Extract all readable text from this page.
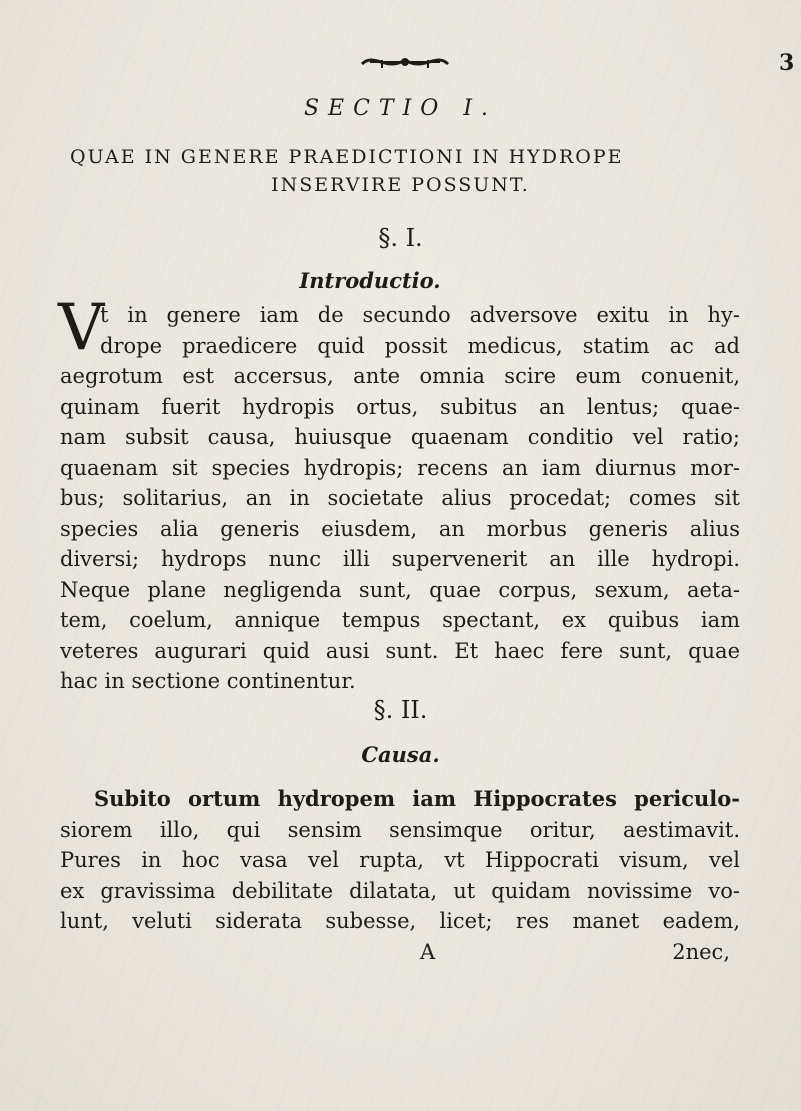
3

SECTIO I.

QUAE IN GENERE PRAEDICTIONI IN HYDROPE

INSERVIRE POSSUNT.

§. I.

Introductio.

V

t in genere iam de secundo adversove exitu in hy-
drope praedicere quid possit medicus, statim ac ad
aegrotum est accersus, ante omnia scire eum conuenit,
quinam fuerit hydropis ortus, subitus an lentus; quae-
nam subsit causa, huiusque quaenam conditio vel ratio;
quaenam sit species hydropis; recens an iam diurnus mor-
bus; solitarius, an in societate alius procedat; comes sit
species alia generis eiusdem, an morbus generis alius
diversi; hydrops nunc illi supervenerit an ille hydropi.
Neque plane negligenda sunt, quae corpus, sexum, aeta-
tem, coelum, annique tempus spectant, ex quibus iam
veteres augurari quid ausi sunt. Et haec fere sunt, quae
hac in sectione continentur.

§. II.

Causa.

Subito ortum hydropem iam Hippocrates periculo-
siorem illo, qui sensim sensimque oritur, aestimavit.
Pures in hoc vasa vel rupta, vt Hippocrati visum, vel
ex gravissima debilitate dilatata, ut quidam novissime vo-
lunt, veluti siderata subesse, licet; res manet eadem,
A 2 nec,
